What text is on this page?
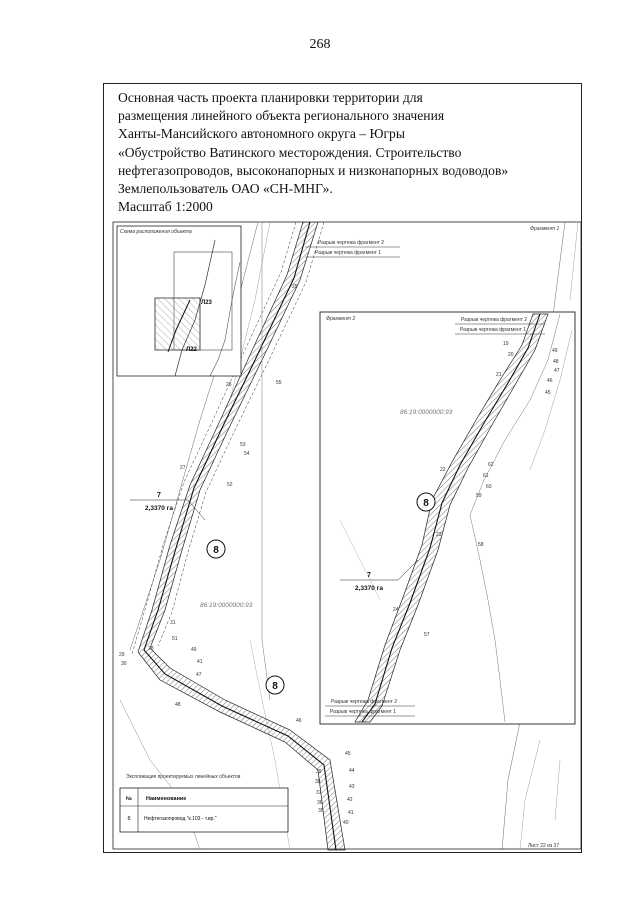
268
Основная часть проекта планировки территории для
размещения линейного объекта регионального значения
Ханты-Мансийского автономного округа – Югры
«Обустройство Ватинского месторождения. Строительство
нефтегазопроводов, высоконапорных и низконапорных водоводов»
Землепользователь ОАО «СН-МНГ».
Масштаб 1:2000
Схема расположения объекта
Л23
Л22
Фрагмент 1
Разрыв чертежа фрагмент 2
Разрыв чертежа фрагмент 1
86:19:0000000:93
7
2,3370 га
8
8
25
55
26
53
54
52
27
28
29
30
31
49
41
47
51
48
46
45
44
43
42
41
40
39
38
37
36
35
Фрагмент 2	Разрыв чертежа фрагмент 2
Разрыв чертежа фрагмент 1
86:19:0000000:93
8
7
2,3370 га
19
20
49
48
21
47
46
45
22
62
61
60
59
23
58
24
57
Разрыв чертежа фрагмент 2
Разрыв чертежа фрагмент 1
Экспликация проектируемых линейных объектов
№	Наименование
8	Нефтегазопровод "к.103 - т.вр."
Лист 22 из 37
